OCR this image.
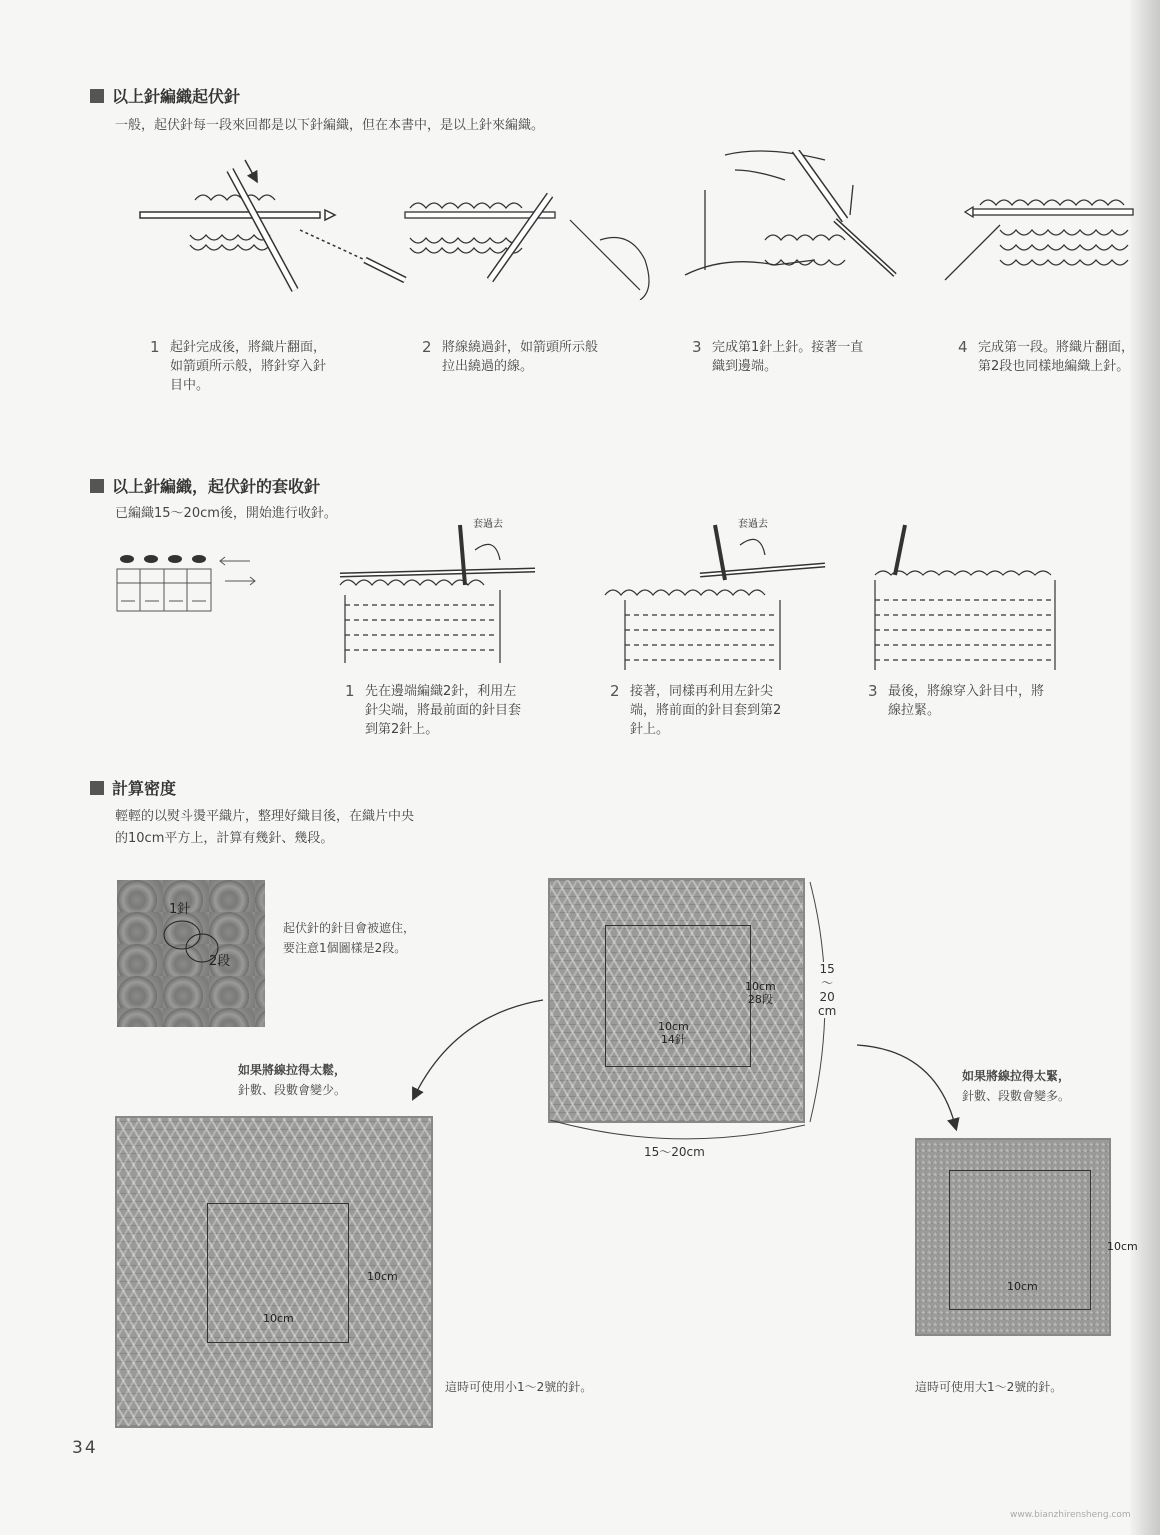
以上針編織起伏針
一般，起伏針每一段來回都是以下針編織，但在本書中，是以上針來編織。
1 起針完成後，將織片翻面，
如箭頭所示般，將針穿入針
目中。
2 將線繞過針，如箭頭所示般
拉出繞過的線。
3 完成第1針上針。接著一直
織到邊端。
4 完成第一段。將織片翻面，
第2段也同樣地編織上針。
以上針編織，起伏針的套收針
已編織15～20cm後，開始進行收針。
套過去	套過去
1 先在邊端編織2針，利用左
針尖端，將最前面的針目套
到第2針上。
2 接著，同樣再利用左針尖
端，將前面的針目套到第2
針上。
3 最後，將線穿入針目中，將
線拉緊。
計算密度
輕輕的以熨斗燙平織片，整理好織目後，在織片中央
的10cm平方上，計算有幾針、幾段。
1針
2段
起伏針的針目會被遮住，
要注意1個圖樣是2段。
10cm
28段
10cm
14針
15
～
20
cm
15～20cm
如果將線拉得太鬆，
針數、段數會變少。
10cm
10cm
這時可使用小1～2號的針。
如果將線拉得太緊，
針數、段數會變多。
10cm
10cm
這時可使用大1～2號的針。
34
www.bianzhirensheng.com
